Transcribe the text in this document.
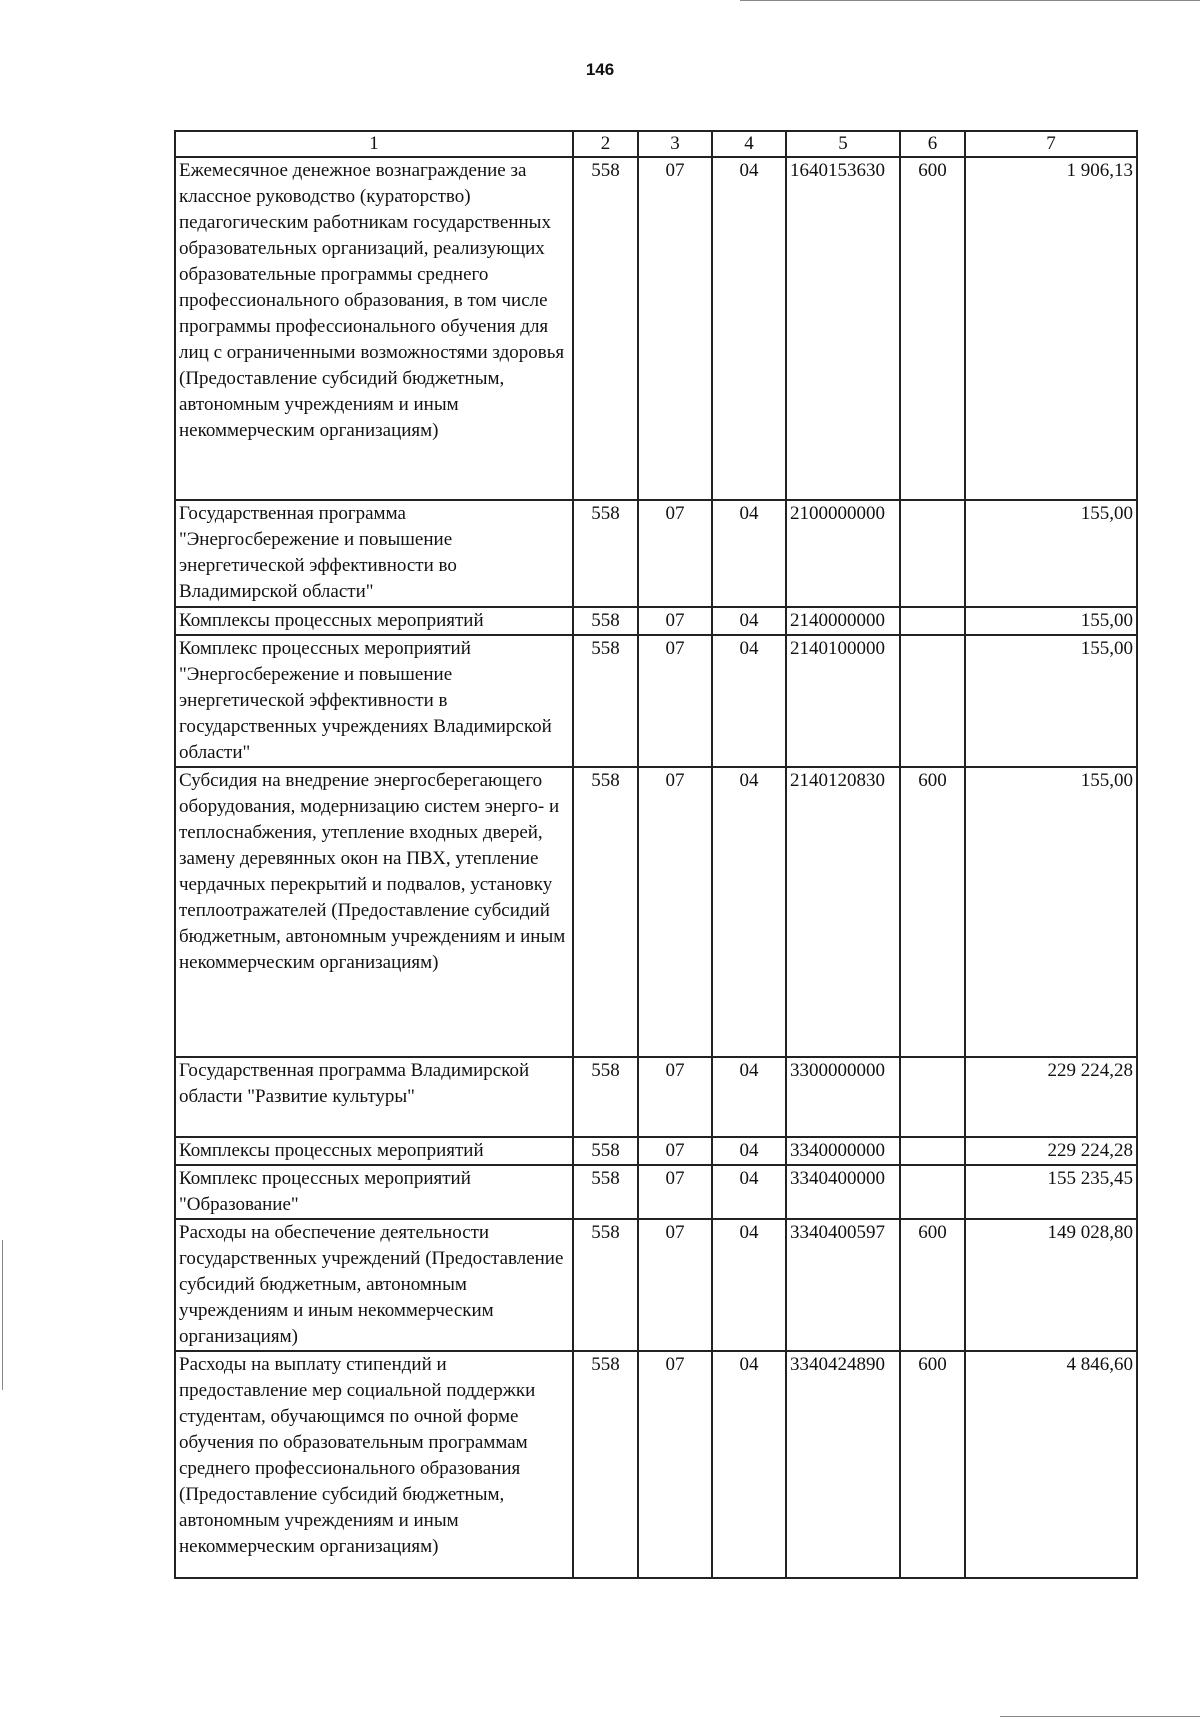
146
1	2	3	4	5	6	7
Ежемесячное денежное вознаграждение за классное руководство (кураторство) педагогическим работникам государственных образовательных организаций, реализующих образовательные программы среднего профессионального образования, в том числе программы профессионального обучения для лиц с ограниченными возможностями здоровья (Предоставление субсидий бюджетным, автономным учреждениям и иным некоммерческим организациям)	558	07	04	1640153630	600	1 906,13
Государственная программа "Энергосбережение и повышение энергетической эффективности во Владимирской области"	558	07	04	2100000000		155,00
Комплексы процессных мероприятий	558	07	04	2140000000		155,00
Комплекс процессных мероприятий "Энергосбережение и повышение энергетической эффективности в государственных учреждениях Владимирской области"	558	07	04	2140100000		155,00
Субсидия на внедрение энергосберегающего оборудования, модернизацию систем энерго- и теплоснабжения, утепление входных дверей, замену деревянных окон на ПВХ, утепление чердачных перекрытий и подвалов, установку теплоотражателей (Предоставление субсидий бюджетным, автономным учреждениям и иным некоммерческим организациям)	558	07	04	2140120830	600	155,00
Государственная программа Владимирской области "Развитие культуры"	558	07	04	3300000000		229 224,28
Комплексы процессных мероприятий	558	07	04	3340000000		229 224,28
Комплекс процессных мероприятий "Образование"	558	07	04	3340400000		155 235,45
Расходы на обеспечение деятельности государственных учреждений (Предоставление субсидий бюджетным, автономным учреждениям и иным некоммерческим организациям)	558	07	04	3340400597	600	149 028,80
Расходы на выплату стипендий и предоставление мер социальной поддержки студентам, обучающимся по очной форме обучения по образовательным программам среднего профессионального образования (Предоставление субсидий бюджетным, автономным учреждениям и иным некоммерческим организациям)	558	07	04	3340424890	600	4 846,60
